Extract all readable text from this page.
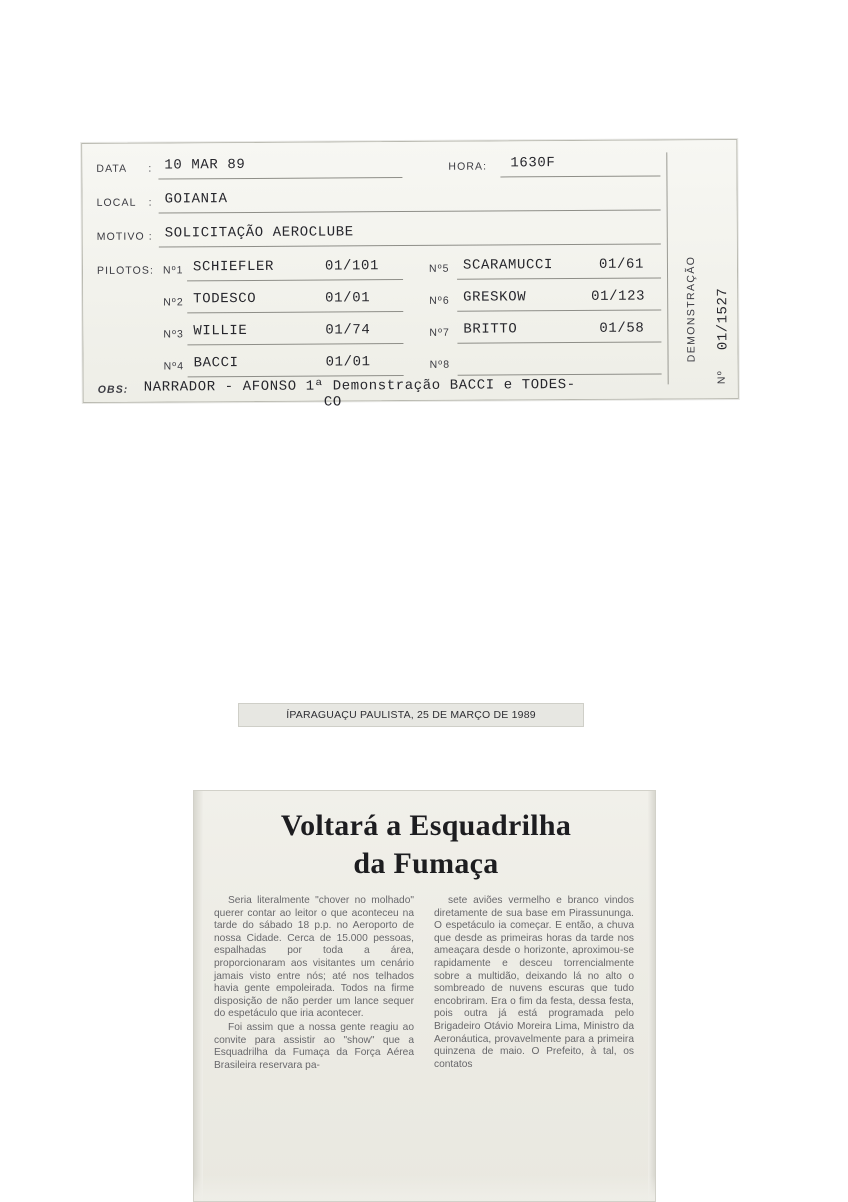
DATA : 10 MAR 89	HORA: 1630F
LOCAL : GOIANIA
MOTIVO : SOLICITAÇÃO AEROCLUBE
PILOTOS: Nº1 SCHIEFLER	01/101	Nº5 SCARAMUCCI	01/61
Nº2 TODESCO	01/01	Nº6 GRESKOW	01/123
Nº3 WILLIE	01/74	Nº7 BRITTO	01/58
Nº4 BACCI	01/01	Nº8
OBS: NARRADOR - AFONSO 1ª Demonstração BACCI e TODES-
CO
DEMONSTRAÇÃO 01/1527
Nº
ÍPARAGUAÇU PAULISTA, 25 DE MARÇO DE 1989
Voltará a Esquadrilha
da Fumaça

Seria literalmente "chover no molhado" querer contar ao leitor o que aconteceu na tarde do sábado 18 p.p. no Aeroporto de nossa Cidade. Cerca de 15.000 pessoas, espalhadas por toda a área, proporcionaram aos visitantes um cenário jamais visto entre nós; até nos telhados havia gente empoleirada. Todos na firme disposição de não perder um lance sequer do espetáculo que iria acontecer.

Foi assim que a nossa gente reagiu ao convite para assistir ao "show" que a Esquadrilha da Fumaça da Força Aérea Brasileira reservara pa-

sete aviões vermelho e branco vindos diretamente de sua base em Pirassununga. O espetáculo ia começar. E então, a chuva que desde as primeiras horas da tarde nos ameaçara desde o horizonte, aproximou-se rapidamente e desceu torrencialmente sobre a multidão, deixando lá no alto o sombreado de nuvens escuras que tudo encobriram. Era o fim da festa, dessa festa, pois outra já está programada pelo Brigadeiro Otávio Moreira Lima, Ministro da Aeronáutica, provavelmente para a primeira quinzena de maio. O Prefeito, à tal, os contatos
